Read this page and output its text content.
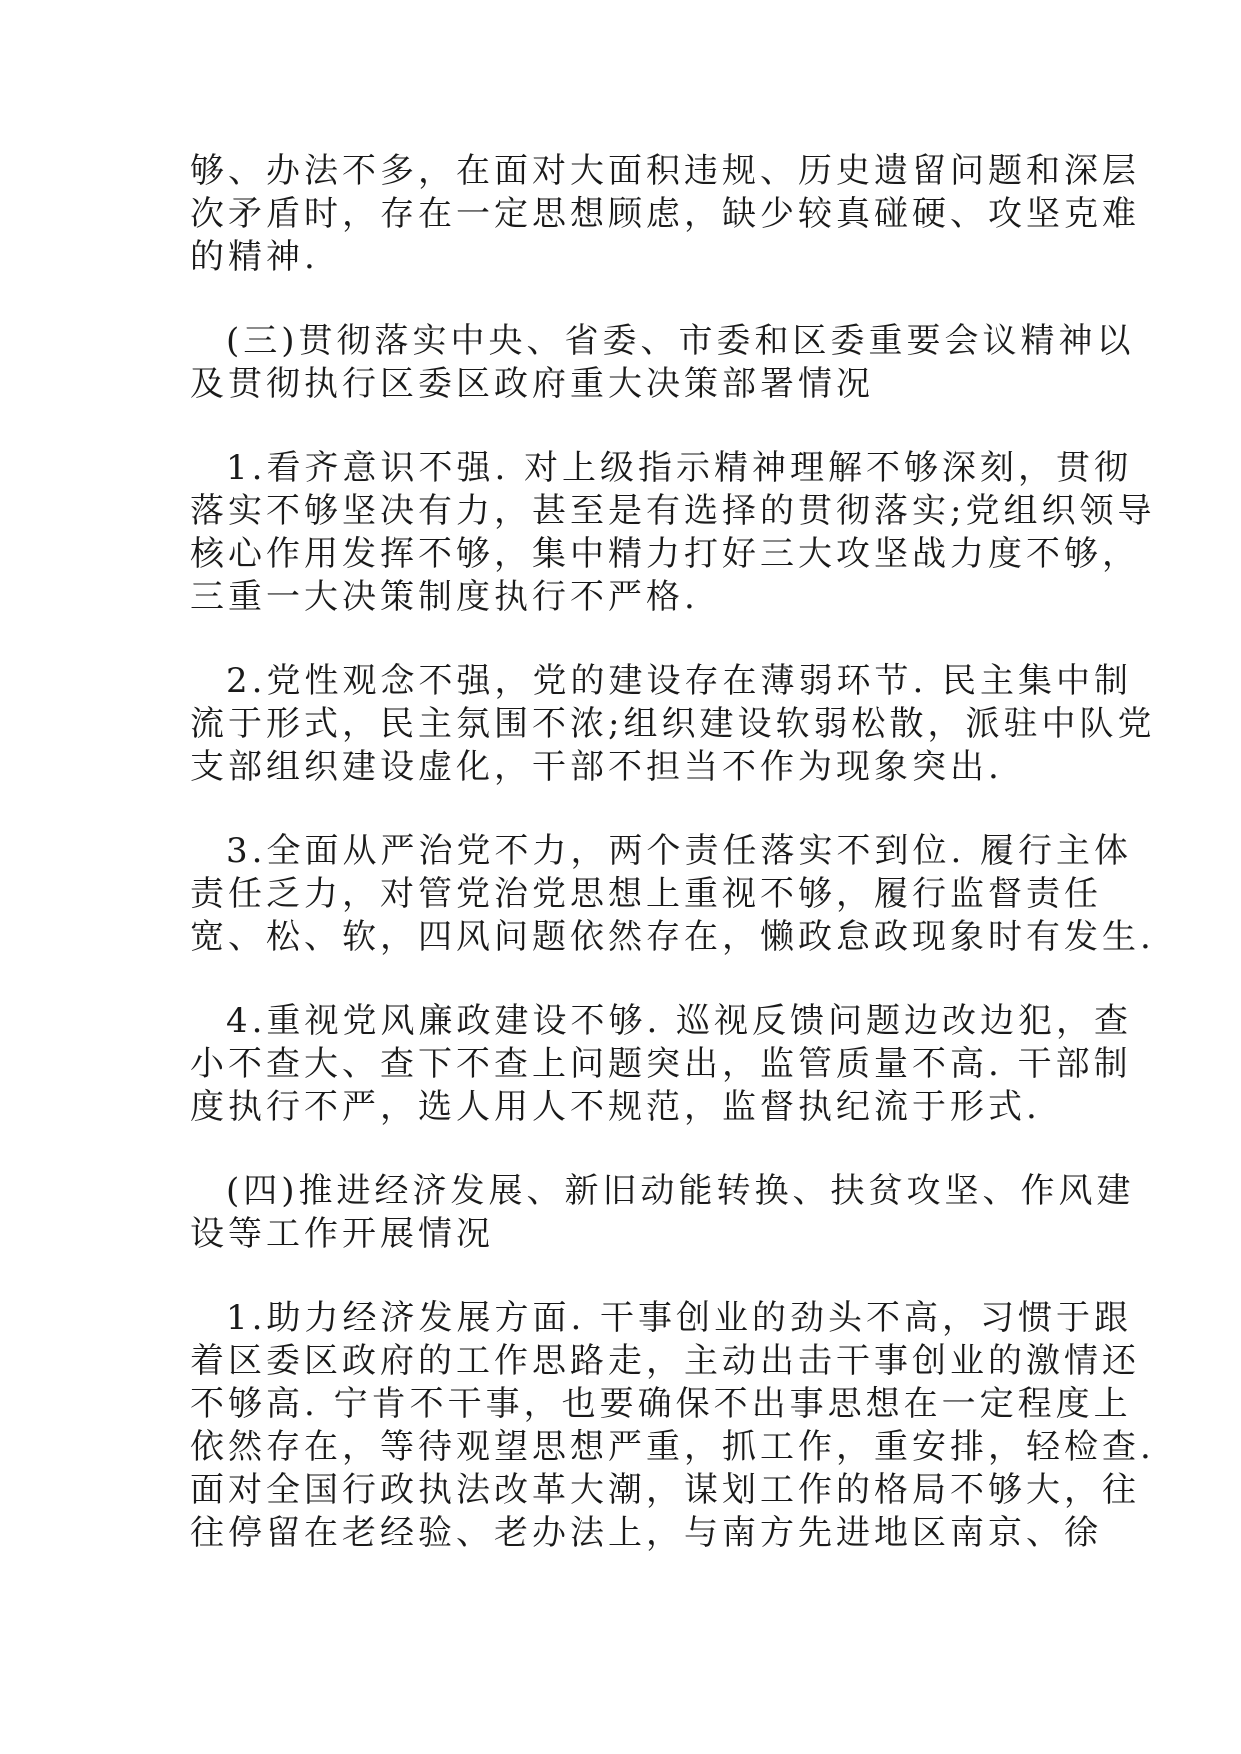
够、办法不多，在面对大面积违规、历史遗留问题和深层
次矛盾时，存在一定思想顾虑，缺少较真碰硬、攻坚克难
的精神.
(三)贯彻落实中央、省委、市委和区委重要会议精神以
及贯彻执行区委区政府重大决策部署情况
1.看齐意识不强. 对上级指示精神理解不够深刻，贯彻
落实不够坚决有力，甚至是有选择的贯彻落实;党组织领导
核心作用发挥不够，集中精力打好三大攻坚战力度不够，
三重一大决策制度执行不严格.
2.党性观念不强，党的建设存在薄弱环节. 民主集中制
流于形式，民主氛围不浓;组织建设软弱松散，派驻中队党
支部组织建设虚化，干部不担当不作为现象突出.
3.全面从严治党不力，两个责任落实不到位. 履行主体
责任乏力，对管党治党思想上重视不够，履行监督责任
宽、松、软，四风问题依然存在，懒政怠政现象时有发生.
4.重视党风廉政建设不够. 巡视反馈问题边改边犯，查
小不查大、查下不查上问题突出，监管质量不高. 干部制
度执行不严，选人用人不规范，监督执纪流于形式.
(四)推进经济发展、新旧动能转换、扶贫攻坚、作风建
设等工作开展情况
1.助力经济发展方面. 干事创业的劲头不高，习惯于跟
着区委区政府的工作思路走，主动出击干事创业的激情还
不够高. 宁肯不干事，也要确保不出事思想在一定程度上
依然存在，等待观望思想严重，抓工作，重安排，轻检查.
面对全国行政执法改革大潮，谋划工作的格局不够大，往
往停留在老经验、老办法上，与南方先进地区南京、徐
